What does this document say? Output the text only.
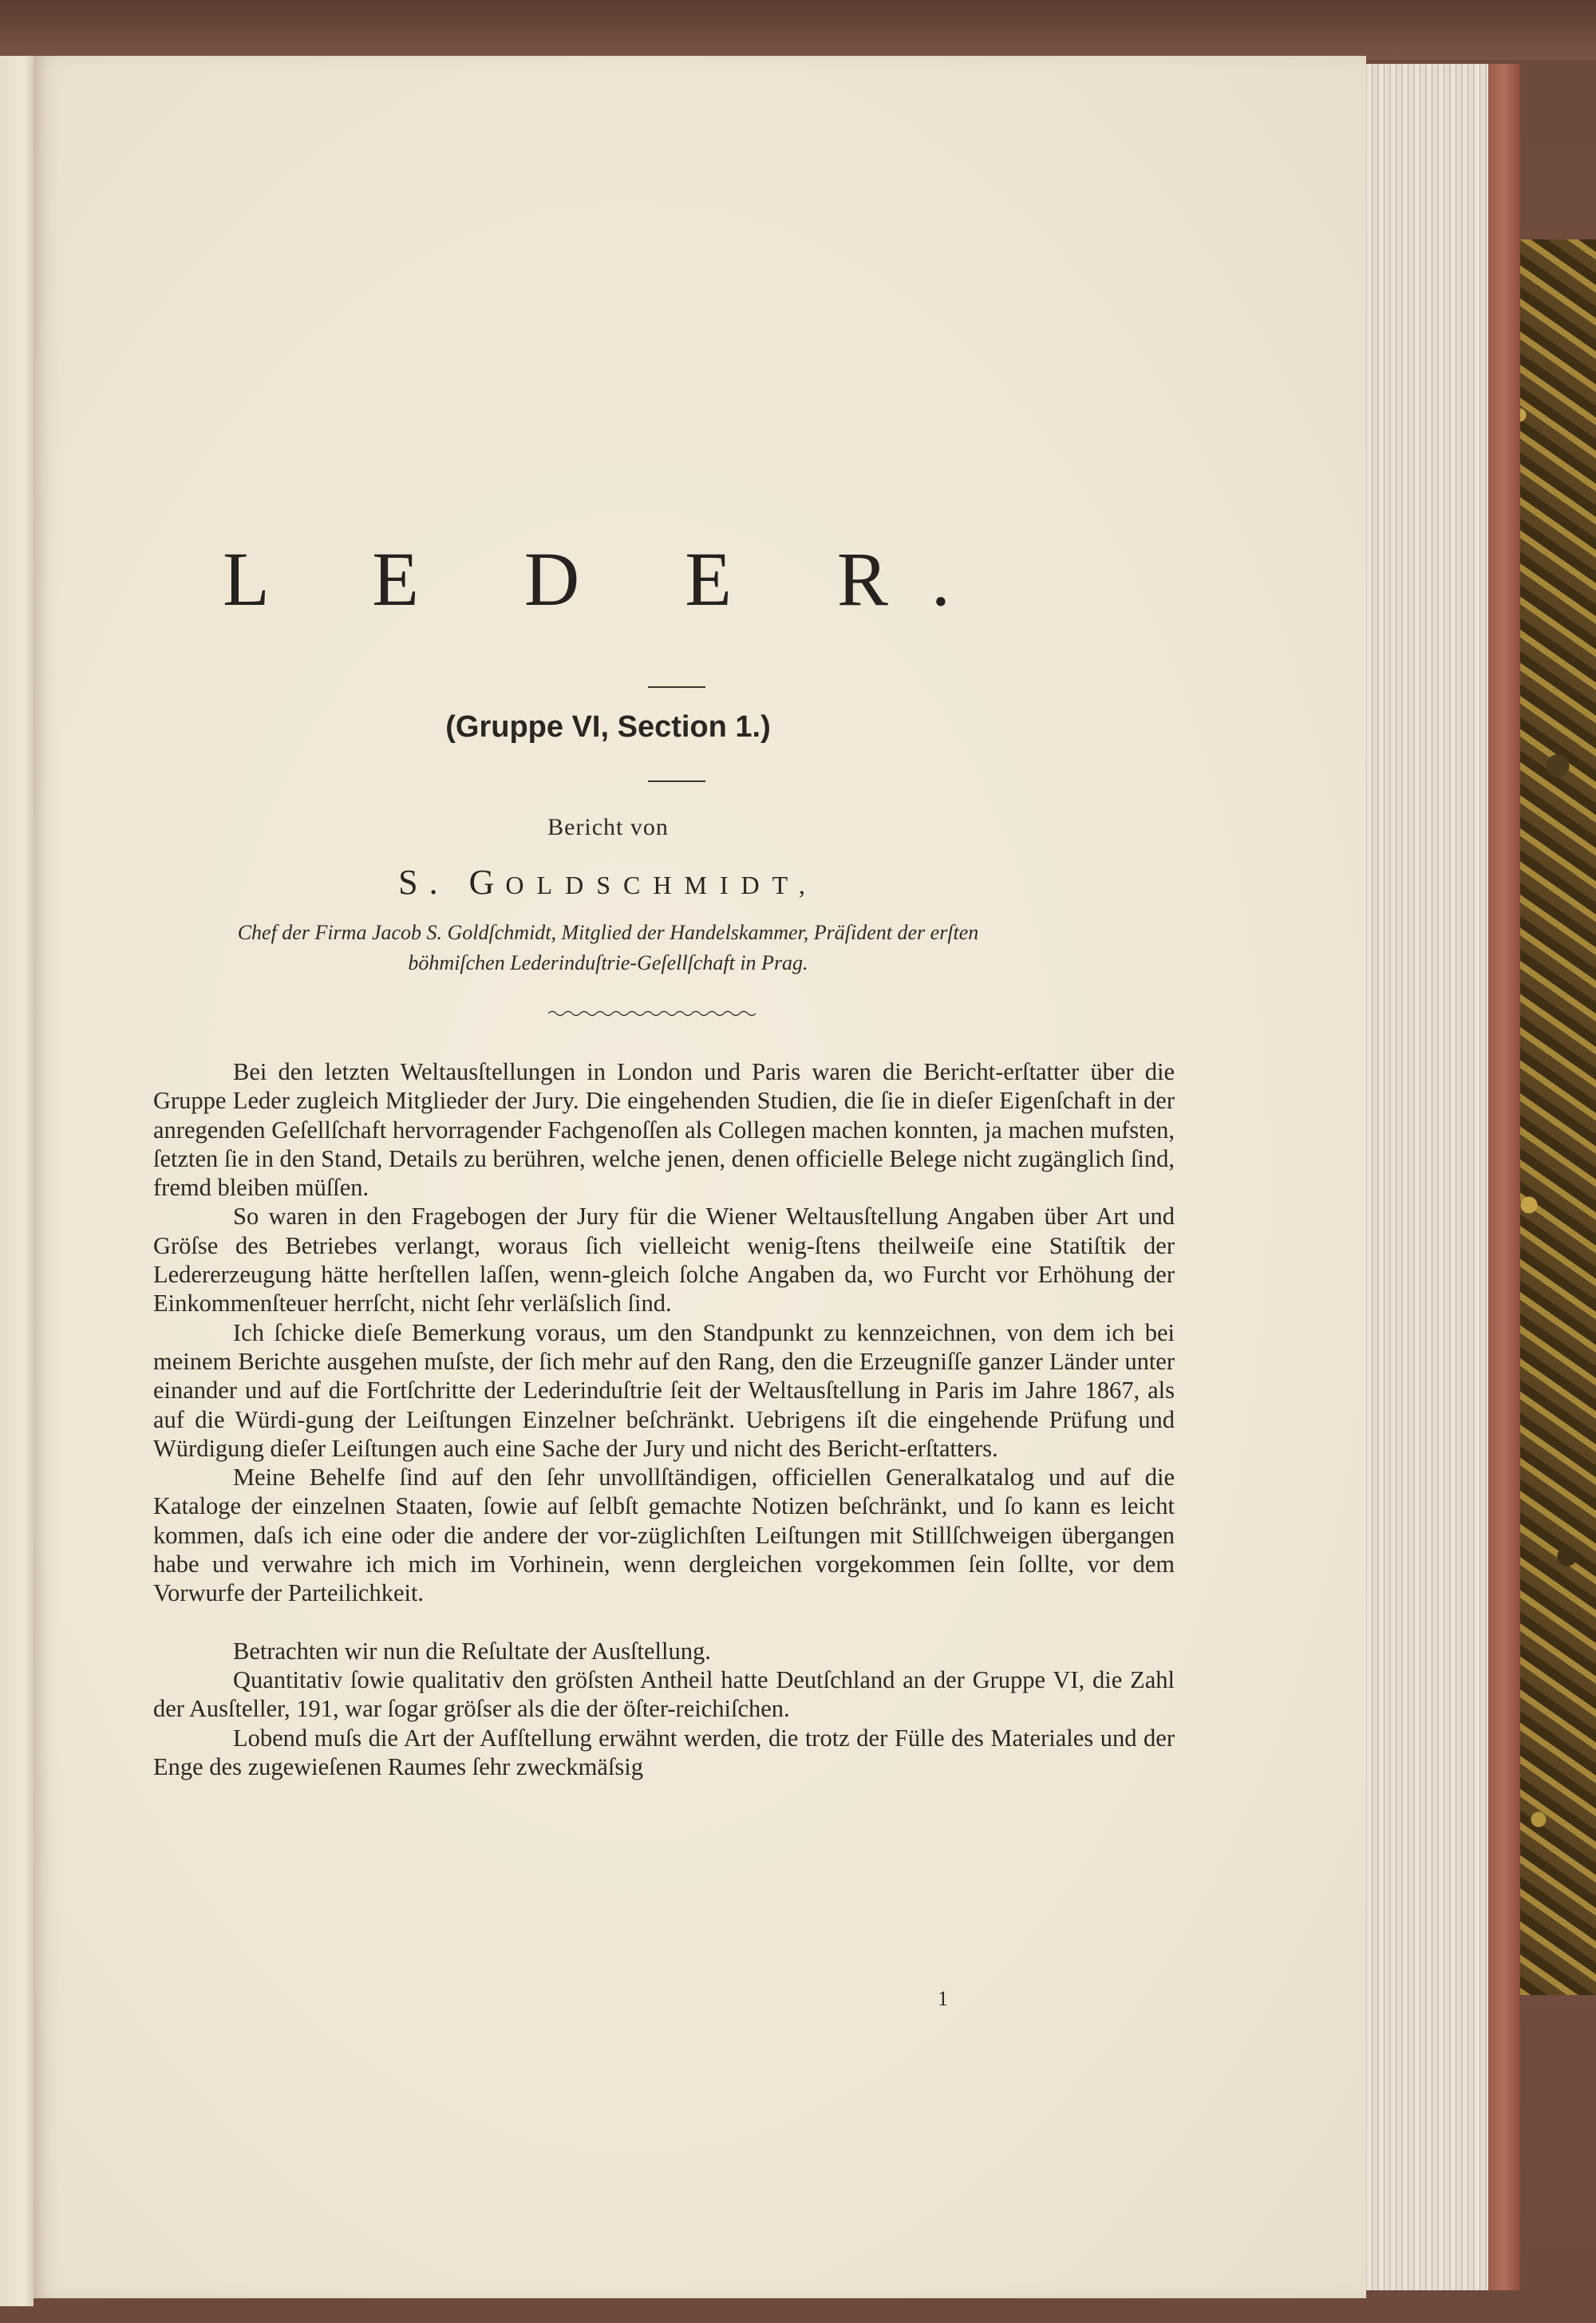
L E D E R.
(Gruppe VI, Section 1.)
Bericht von
S. GOLDSCHMIDT,
Chef der Firma Jacob S. Goldſchmidt, Mitglied der Handelskammer, Präſident der erſten
böhmiſchen Lederinduſtrie-Geſellſchaft in Prag.

Bei den letzten Weltausſtellungen in London und Paris waren die Bericht-erſtatter über die Gruppe Leder zugleich Mitglieder der Jury. Die eingehenden Studien, die ſie in dieſer Eigenſchaft in der anregenden Geſellſchaft hervorragender Fachgenoſſen als Collegen machen konnten, ja machen mufsten, ſetzten ſie in den Stand, Details zu berühren, welche jenen, denen officielle Belege nicht zugänglich ſind, fremd bleiben müſſen.

So waren in den Fragebogen der Jury für die Wiener Weltausſtellung Angaben über Art und Gröſse des Betriebes verlangt, woraus ſich vielleicht wenig-ſtens theilweiſe eine Statiſtik der Ledererzeugung hätte herſtellen laſſen, wenn-gleich ſolche Angaben da, wo Furcht vor Erhöhung der Einkommenſteuer herrſcht, nicht ſehr verläſslich ſind.

Ich ſchicke dieſe Bemerkung voraus, um den Standpunkt zu kennzeichnen, von dem ich bei meinem Berichte ausgehen muſste, der ſich mehr auf den Rang, den die Erzeugniſſe ganzer Länder unter einander und auf die Fortſchritte der Lederinduſtrie ſeit der Weltausſtellung in Paris im Jahre 1867, als auf die Würdi-gung der Leiſtungen Einzelner beſchränkt. Uebrigens iſt die eingehende Prüfung und Würdigung dieſer Leiſtungen auch eine Sache der Jury und nicht des Bericht-erſtatters.

Meine Behelfe ſind auf den ſehr unvollſtändigen, officiellen Generalkatalog und auf die Kataloge der einzelnen Staaten, ſowie auf ſelbſt gemachte Notizen beſchränkt, und ſo kann es leicht kommen, daſs ich eine oder die andere der vor-züglichſten Leiſtungen mit Stillſchweigen übergangen habe und verwahre ich mich im Vorhinein, wenn dergleichen vorgekommen ſein ſollte, vor dem Vorwurfe der Parteilichkeit.

Betrachten wir nun die Reſultate der Ausſtellung.

Quantitativ ſowie qualitativ den gröſsten Antheil hatte Deutſchland an der Gruppe VI, die Zahl der Ausſteller, 191, war ſogar gröſser als die der öſter-reichiſchen.

Lobend muſs die Art der Aufſtellung erwähnt werden, die trotz der Fülle des Materiales und der Enge des zugewieſenen Raumes ſehr zweckmäſsig

1
